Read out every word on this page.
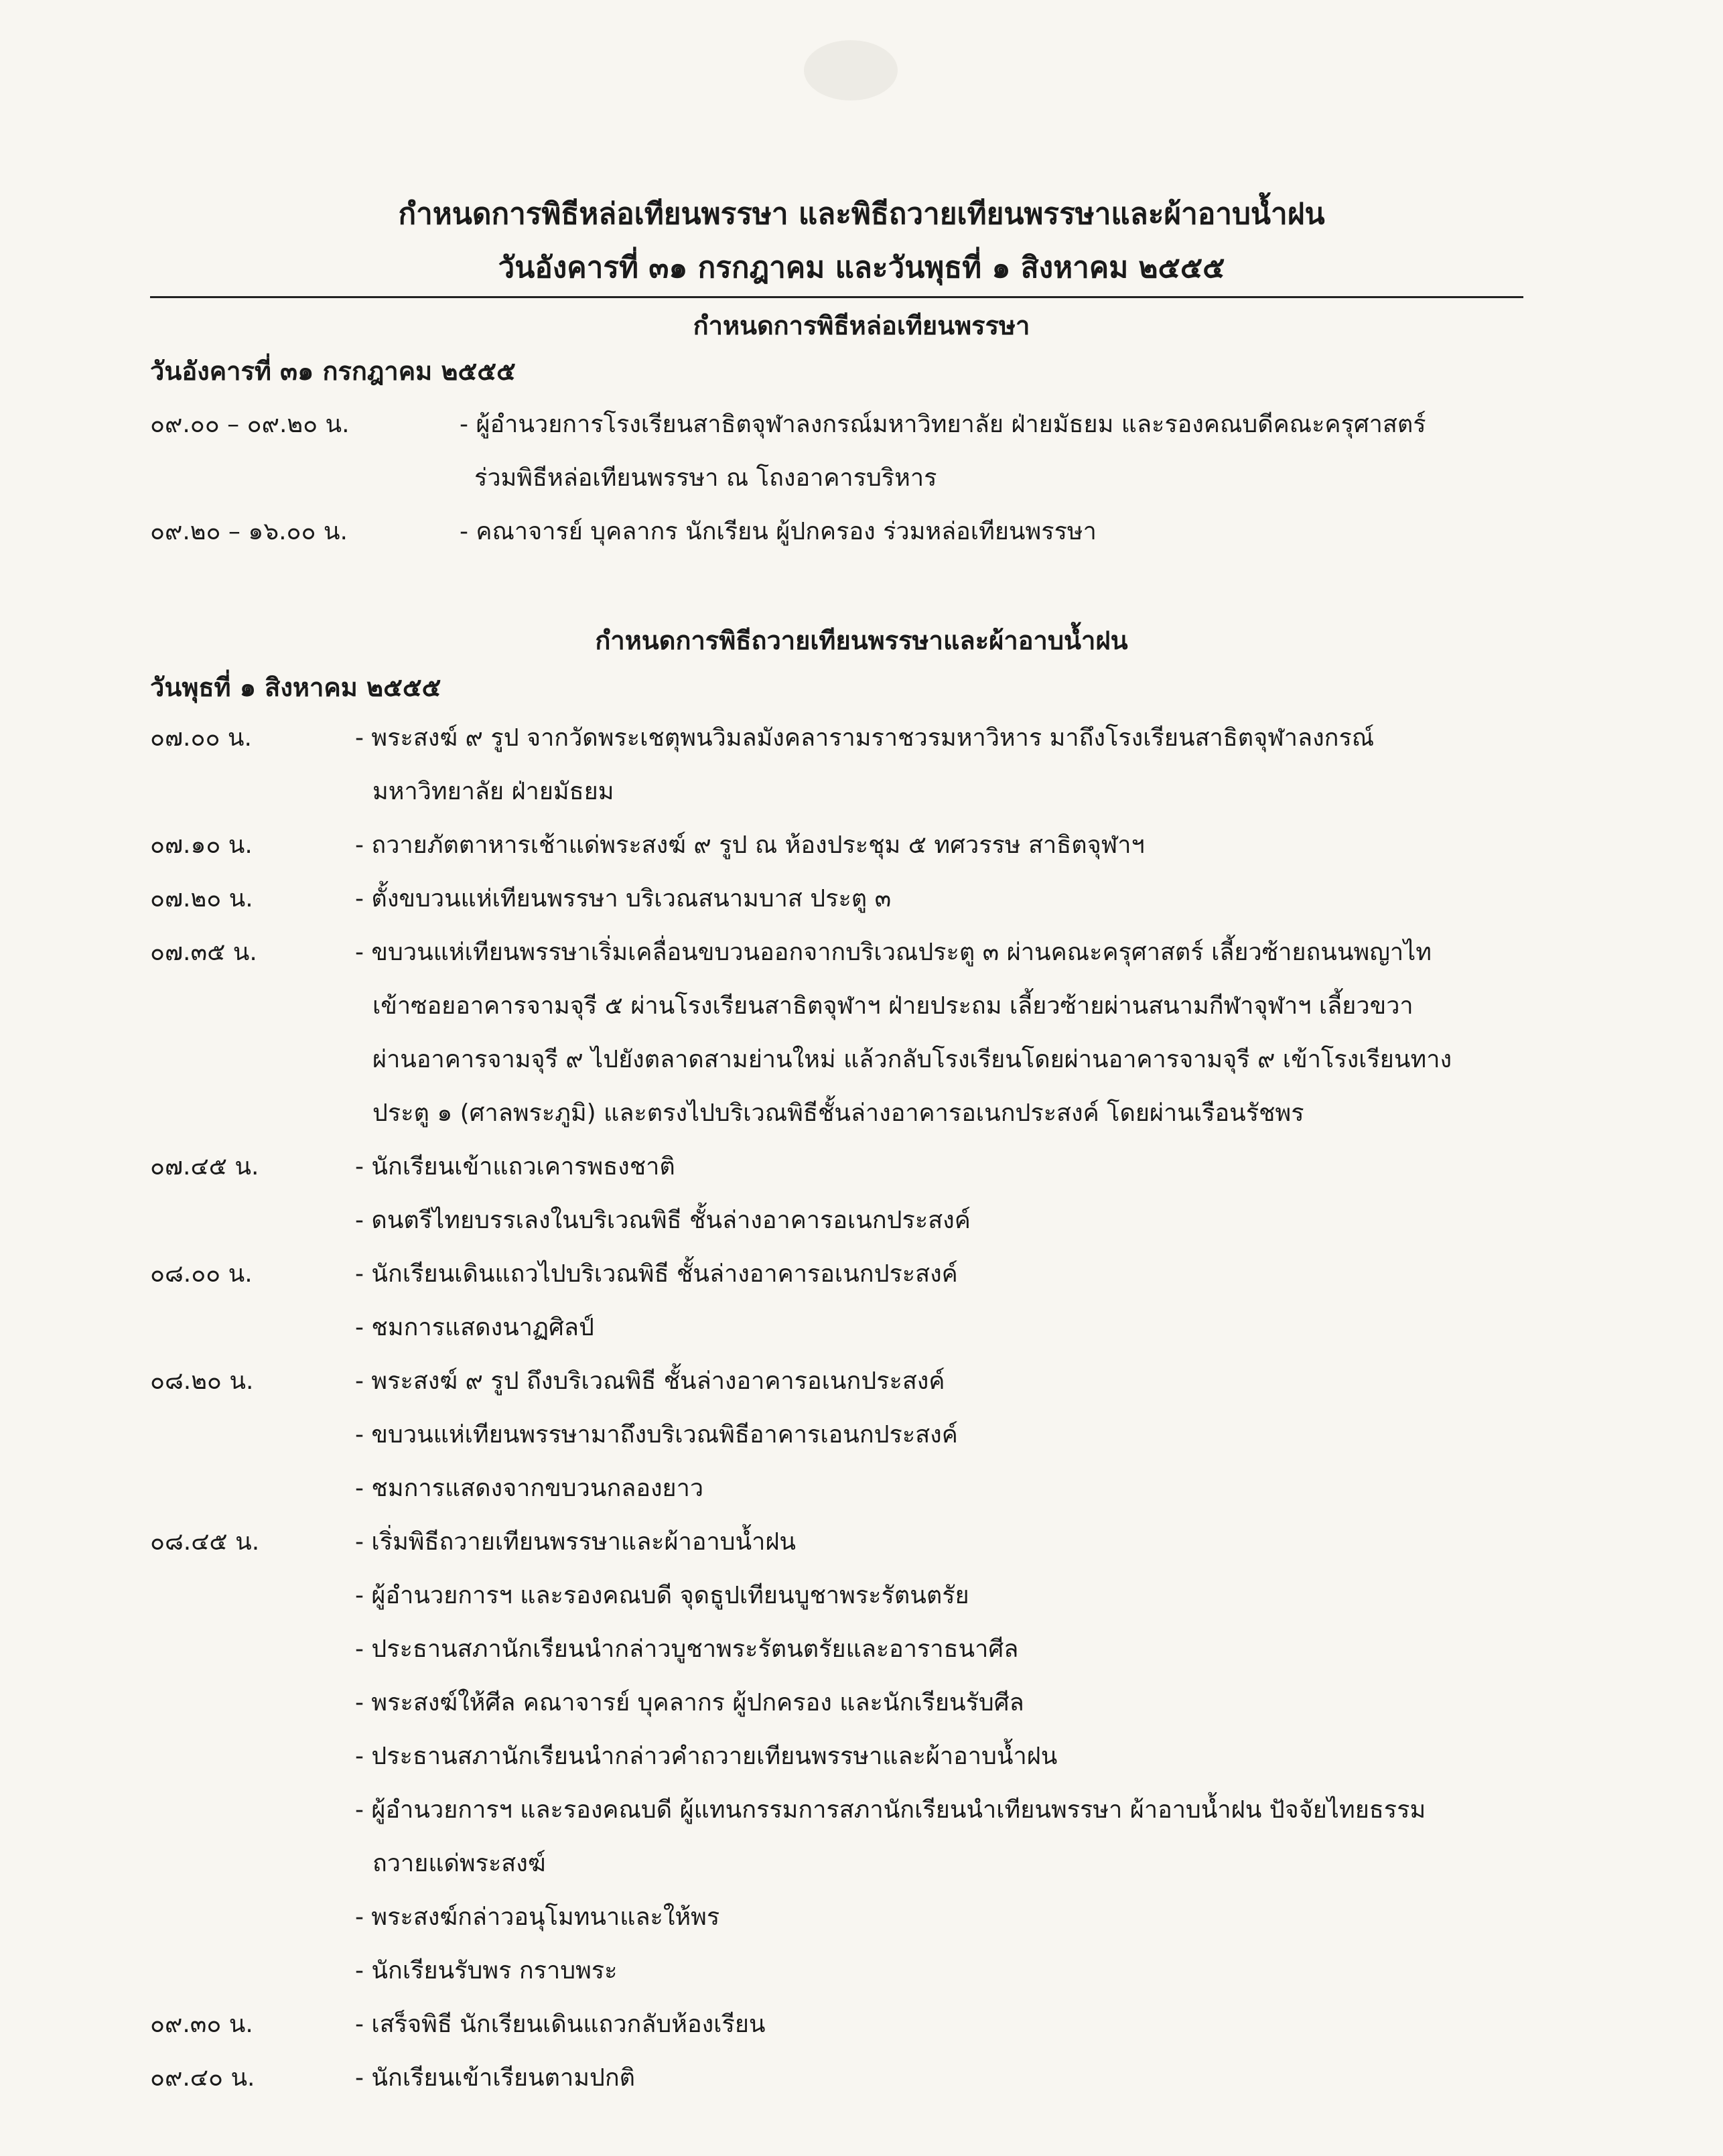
กำหนดการพิธีหล่อเทียนพรรษา และพิธีถวายเทียนพรรษาและผ้าอาบน้ำฝน
วันอังคารที่ ๓๑ กรกฎาคม และวันพุธที่ ๑ สิงหาคม ๒๕๕๕
กำหนดการพิธีหล่อเทียนพรรษา
วันอังคารที่ ๓๑ กรกฎาคม ๒๕๕๕
๐๙.๐๐ – ๐๙.๒๐ น.	- ผู้อำนวยการโรงเรียนสาธิตจุฬาลงกรณ์มหาวิทยาลัย ฝ่ายมัธยม และรองคณบดีคณะครุศาสตร์
ร่วมพิธีหล่อเทียนพรรษา ณ โถงอาคารบริหาร
๐๙.๒๐ – ๑๖.๐๐ น.	- คณาจารย์ บุคลากร นักเรียน ผู้ปกครอง ร่วมหล่อเทียนพรรษา
กำหนดการพิธีถวายเทียนพรรษาและผ้าอาบน้ำฝน
วันพุธที่ ๑ สิงหาคม ๒๕๕๕
๐๗.๐๐ น.	- พระสงฆ์ ๙ รูป จากวัดพระเชตุพนวิมลมังคลารามราชวรมหาวิหาร มาถึงโรงเรียนสาธิตจุฬาลงกรณ์
มหาวิทยาลัย ฝ่ายมัธยม
๐๗.๑๐ น.	- ถวายภัตตาหารเช้าแด่พระสงฆ์ ๙ รูป ณ ห้องประชุม ๕ ทศวรรษ สาธิตจุฬาฯ
๐๗.๒๐ น.	- ตั้งขบวนแห่เทียนพรรษา บริเวณสนามบาส ประตู ๓
๐๗.๓๕ น.	- ขบวนแห่เทียนพรรษาเริ่มเคลื่อนขบวนออกจากบริเวณประตู ๓ ผ่านคณะครุศาสตร์ เลี้ยวซ้ายถนนพญาไท
เข้าซอยอาคารจามจุรี ๕ ผ่านโรงเรียนสาธิตจุฬาฯ ฝ่ายประถม เลี้ยวซ้ายผ่านสนามกีฬาจุฬาฯ เลี้ยวขวา
ผ่านอาคารจามจุรี ๙ ไปยังตลาดสามย่านใหม่ แล้วกลับโรงเรียนโดยผ่านอาคารจามจุรี ๙ เข้าโรงเรียนทาง
ประตู ๑ (ศาลพระภูมิ) และตรงไปบริเวณพิธีชั้นล่างอาคารอเนกประสงค์ โดยผ่านเรือนรัชพร
๐๗.๔๕ น.	- นักเรียนเข้าแถวเคารพธงชาติ
- ดนตรีไทยบรรเลงในบริเวณพิธี ชั้นล่างอาคารอเนกประสงค์
๐๘.๐๐ น.	- นักเรียนเดินแถวไปบริเวณพิธี ชั้นล่างอาคารอเนกประสงค์
- ชมการแสดงนาฏศิลป์
๐๘.๒๐ น.	- พระสงฆ์ ๙ รูป ถึงบริเวณพิธี ชั้นล่างอาคารอเนกประสงค์
- ขบวนแห่เทียนพรรษามาถึงบริเวณพิธีอาคารเอนกประสงค์
- ชมการแสดงจากขบวนกลองยาว
๐๘.๔๕ น.	- เริ่มพิธีถวายเทียนพรรษาและผ้าอาบน้ำฝน
- ผู้อำนวยการฯ และรองคณบดี จุดธูปเทียนบูชาพระรัตนตรัย
- ประธานสภานักเรียนนำกล่าวบูชาพระรัตนตรัยและอาราธนาศีล
- พระสงฆ์ให้ศีล คณาจารย์ บุคลากร ผู้ปกครอง และนักเรียนรับศีล
- ประธานสภานักเรียนนำกล่าวคำถวายเทียนพรรษาและผ้าอาบน้ำฝน
- ผู้อำนวยการฯ และรองคณบดี ผู้แทนกรรมการสภานักเรียนนำเทียนพรรษา ผ้าอาบน้ำฝน ปัจจัยไทยธรรม
ถวายแด่พระสงฆ์
- พระสงฆ์กล่าวอนุโมทนาและให้พร
- นักเรียนรับพร กราบพระ
๐๙.๓๐ น.	- เสร็จพิธี นักเรียนเดินแถวกลับห้องเรียน
๐๙.๔๐ น.	- นักเรียนเข้าเรียนตามปกติ
